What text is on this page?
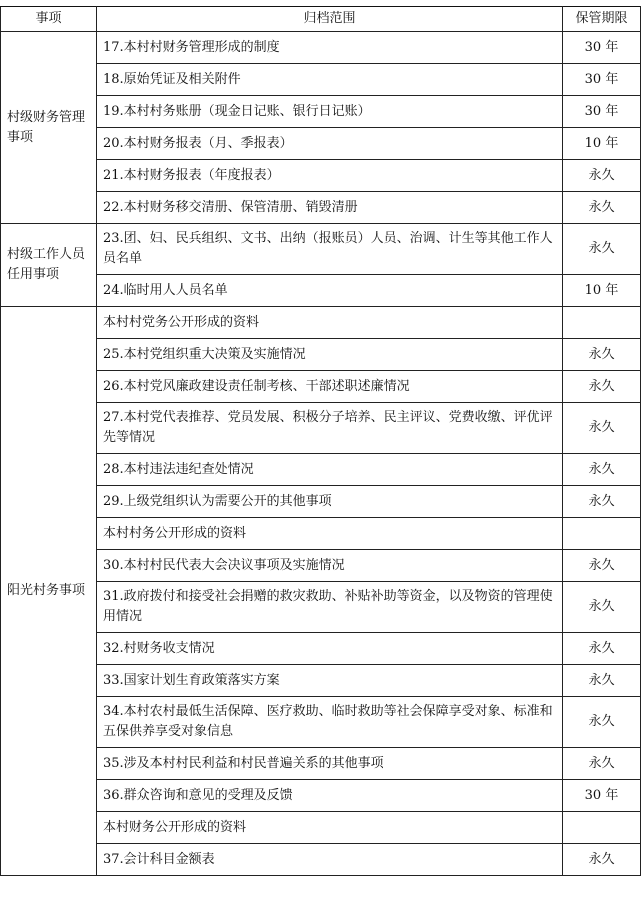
事项	归档范围	保管期限
村级财务管理事项	17.本村村财务管理形成的制度	30 年
	18.原始凭证及相关附件	30 年
	19.本村村务账册（现金日记账、银行日记账）	30 年
	20.本村财务报表（月、季报表）	10 年
	21.本村财务报表（年度报表）	永久
	22.本村财务移交清册、保管清册、销毁清册	永久
村级工作人员任用事项	23.团、妇、民兵组织、文书、出纳（报账员）人员、治调、计生等其他工作人员名单	永久
	24.临时用人人员名单	10 年
阳光村务事项	本村村党务公开形成的资料	
	25.本村党组织重大决策及实施情况	永久
	26.本村党风廉政建设责任制考核、干部述职述廉情况	永久
	27.本村党代表推荐、党员发展、积极分子培养、民主评议、党费收缴、评优评先等情况	永久
	28.本村违法违纪查处情况	永久
	29.上级党组织认为需要公开的其他事项	永久
	本村村务公开形成的资料	
	30.本村村民代表大会决议事项及实施情况	永久
	31.政府拨付和接受社会捐赠的救灾救助、补贴补助等资金，以及物资的管理使用情况	永久
	32.村财务收支情况	永久
	33.国家计划生育政策落实方案	永久
	34.本村农村最低生活保障、医疗救助、临时救助等社会保障享受对象、标准和五保供养享受对象信息	永久
	35.涉及本村村民利益和村民普遍关系的其他事项	永久
	36.群众咨询和意见的受理及反馈	30 年
	本村财务公开形成的资料	
	37.会计科目金额表	永久
